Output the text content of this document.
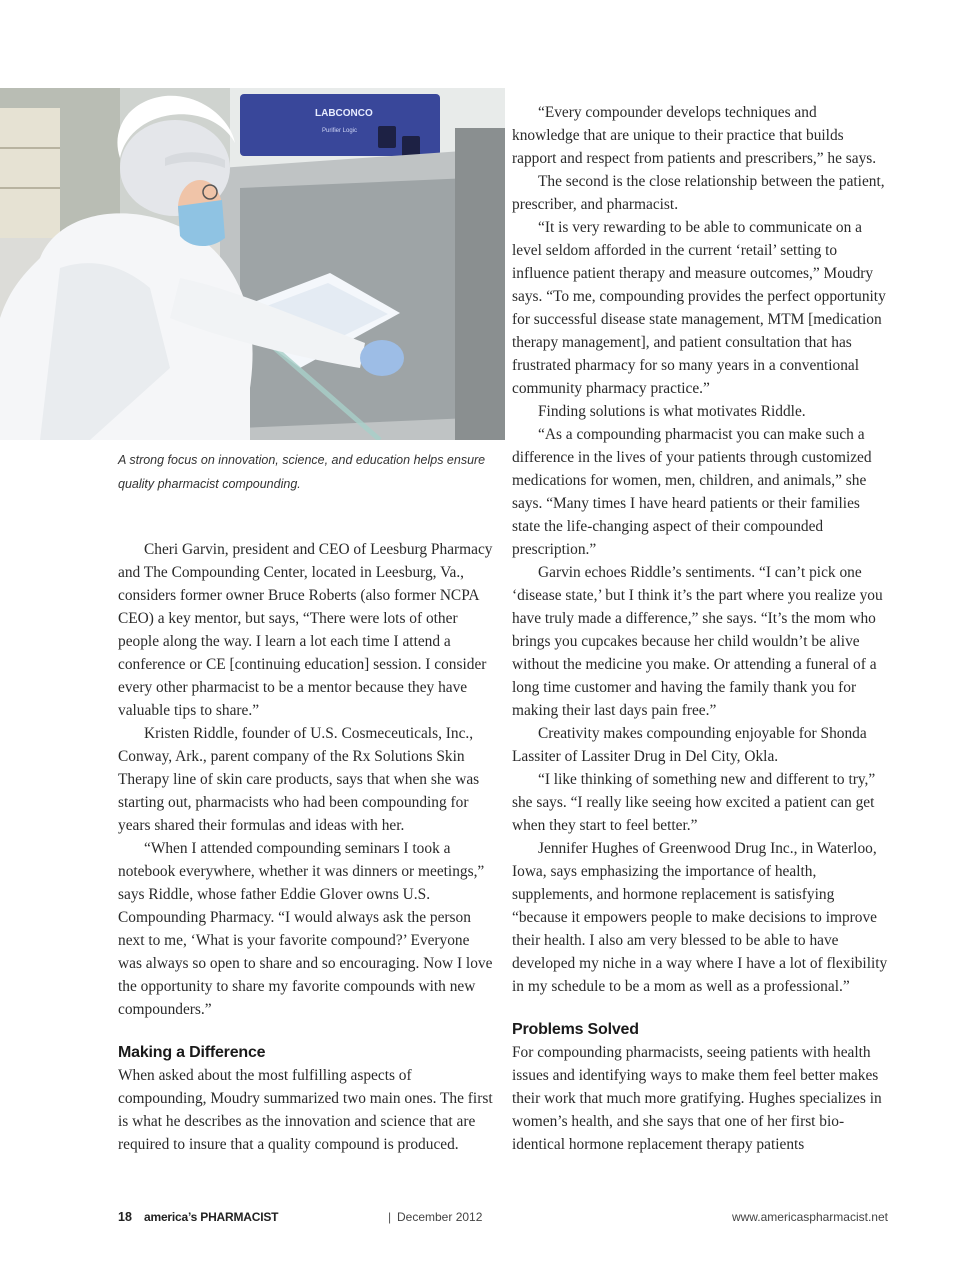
LABCONCO
Purifier Logic
A strong focus on innovation, science, and education helps ensure quality pharmacist compounding.

Cheri Garvin, president and CEO of Leesburg Pharmacy and The Compounding Center, located in Leesburg, Va., considers former owner Bruce Roberts (also former NCPA CEO) a key mentor, but says, “There were lots of other people along the way. I learn a lot each time I attend a conference or CE [continuing education] session. I consider every other pharmacist to be a mentor because they have valuable tips to share.”

Kristen Riddle, founder of U.S. Cosmeceuticals, Inc., Conway, Ark., parent company of the Rx Solutions Skin Therapy line of skin care products, says that when she was starting out, pharmacists who had been compounding for years shared their formulas and ideas with her.

“When I attended compounding seminars I took a notebook everywhere, whether it was dinners or meetings,” says Riddle, whose father Eddie Glover owns U.S. Compounding Pharmacy. “I would always ask the person next to me, ‘What is your favorite compound?’ Everyone was always so open to share and so encouraging. Now I love the opportunity to share my favorite compounds with new compounders.”

Making a Difference

When asked about the most fulfilling aspects of compounding, Moudry summarized two main ones. The first is what he describes as the innovation and science that are required to insure that a quality compound is produced.

“Every compounder develops techniques and knowledge that are unique to their practice that builds rapport and respect from patients and prescribers,” he says.

The second is the close relationship between the patient, prescriber, and pharmacist.

“It is very rewarding to be able to communicate on a level seldom afforded in the current ‘retail’ setting to influence patient therapy and measure outcomes,” Moudry says. “To me, compounding provides the perfect opportunity for successful disease state management, MTM [medication therapy management], and patient consultation that has frustrated pharmacy for so many years in a conventional community pharmacy practice.”

Finding solutions is what motivates Riddle.

“As a compounding pharmacist you can make such a difference in the lives of your patients through customized medications for women, men, children, and animals,” she says. “Many times I have heard patients or their families state the life-changing aspect of their compounded prescription.”

Garvin echoes Riddle’s sentiments. “I can’t pick one ‘disease state,’ but I think it’s the part where you realize you have truly made a difference,” she says. “It’s the mom who brings you cupcakes because her child wouldn’t be alive without the medicine you make. Or attending a funeral of a long time customer and having the family thank you for making their last days pain free.”

Creativity makes compounding enjoyable for Shonda Lassiter of Lassiter Drug in Del City, Okla.

“I like thinking of something new and different to try,” she says. “I really like seeing how excited a patient can get when they start to feel better.”

Jennifer Hughes of Greenwood Drug Inc., in Waterloo, Iowa, says emphasizing the importance of health, supplements, and hormone replacement is satisfying “because it empowers people to make decisions to improve their health. I also am very blessed to be able to have developed my niche in a way where I have a lot of flexibility in my schedule to be a mom as well as a professional.”

Problems Solved

For compounding pharmacists, seeing patients with health issues and identifying ways to make them feel better makes their work that much more gratifying. Hughes specializes in women’s health, and she says that one of her first bio-identical hormone replacement therapy patients

18 america’s PHARMACIST	| December 2012	www.americaspharmacist.net
